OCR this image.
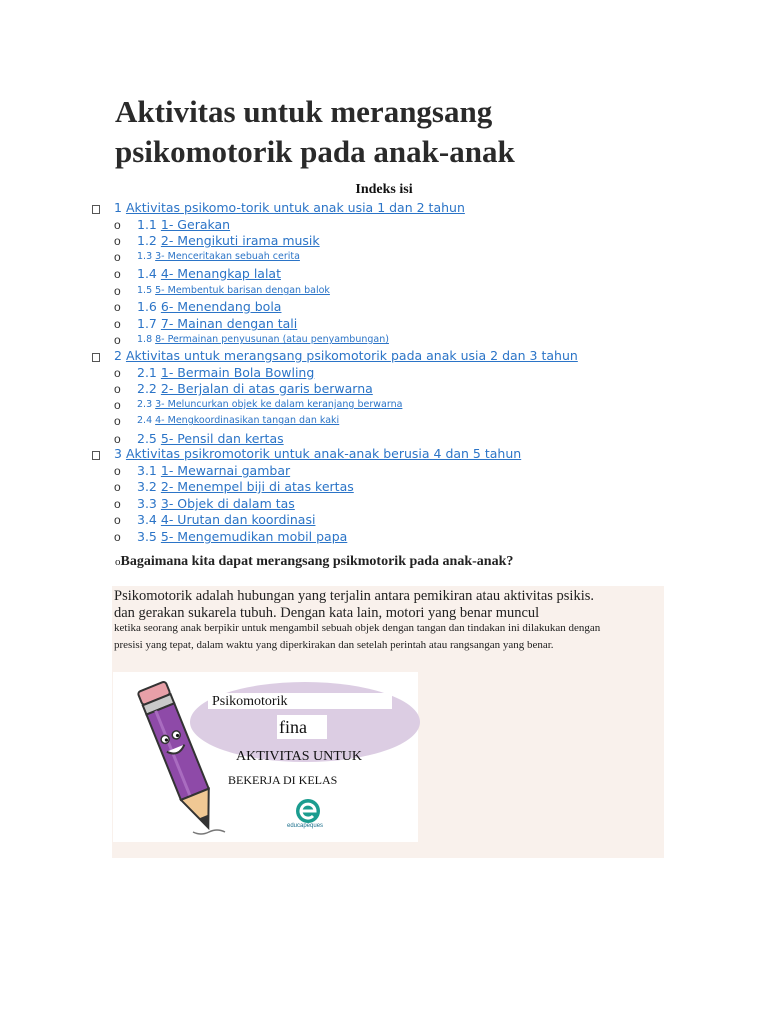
Aktivitas untuk merangsang psikomotorik pada anak-anak
Indeks isi
1 Aktivitas psikomo-torik untuk anak usia 1 dan 2 tahun
o 1.1 1- Gerakan
o 1.2 2- Mengikuti irama musik
o 1.3 3- Menceritakan sebuah cerita
o 1.4 4- Menangkap lalat
o 1.5 5- Membentuk barisan dengan balok
o 1.6 6- Menendang bola
o 1.7 7- Mainan dengan tali
o 1.8 8- Permainan penyusunan (atau penyambungan)
2 Aktivitas untuk merangsang psikomotorik pada anak usia 2 dan 3 tahun
o 2.1 1- Bermain Bola Bowling
o 2.2 2- Berjalan di atas garis berwarna
o 2.3 3- Meluncurkan objek ke dalam keranjang berwarna
o 2.4 4- Mengkoordinasikan tangan dan kaki
o 2.5 5- Pensil dan kertas
3 Aktivitas psikromotorik untuk anak-anak berusia 4 dan 5 tahun
o 3.1 1- Mewarnai gambar
o 3.2 2- Menempel biji di atas kertas
o 3.3 3- Objek di dalam tas
o 3.4 4- Urutan dan koordinasi
o 3.5 5- Mengemudikan mobil papa
oBagaimana kita dapat merangsang psikmotorik pada anak-anak?
Psikomotorik adalah hubungan yang terjalin antara pemikiran atau aktivitas psikis.
dan gerakan sukarela tubuh. Dengan kata lain, motori yang benar muncul
ketika seorang anak berpikir untuk mengambil sebuah objek dengan tangan dan tindakan ini dilakukan dengan
presisi yang tepat, dalam waktu yang diperkirakan dan setelah perintah atau rangsangan yang benar.
Psikomotorik
fina
AKTIVITAS UNTUK
BEKERJA DI KELAS
educapeques
